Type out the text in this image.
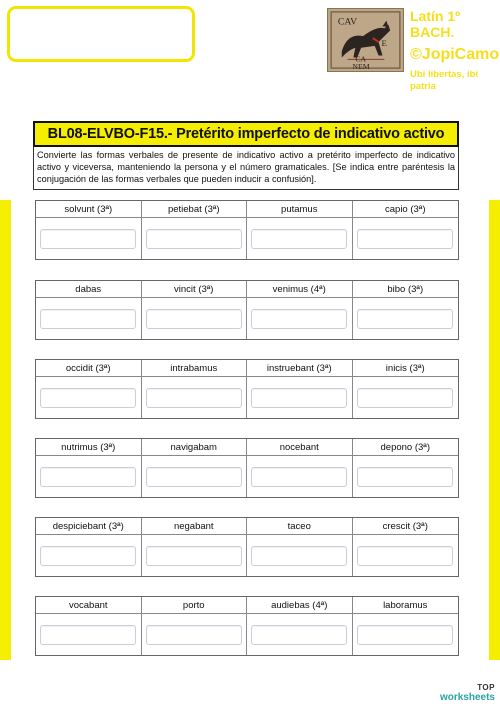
CAV
E
CA
NEM
Latín 1º BACH.
©JopiCamo
Ubi libertas, ibi patria
BL08-ELVBO-F15.- Pretérito imperfecto de indicativo activo
Convierte las formas verbales de presente de indicativo activo a pretérito imperfecto de indicativo activo y viceversa, manteniendo la persona y el número gramaticales. [Se indica entre paréntesis la conjugación de las formas verbales que pueden inducir a confusión].
solvunt (3ª)	petiebat (3ª)	putamus	capio (3ª)
dabas	vincit (3ª)	venimus (4ª)	bibo (3ª)
occidit (3ª)	intrabamus	instruebant (3ª)	inicis (3ª)
nutrimus (3ª)	navigabam	nocebant	depono (3ª)
despiciebant (3ª)	negabant	taceo	crescit (3ª)
vocabant	porto	audiebas (4ª)	laboramus
TOP
worksheets
